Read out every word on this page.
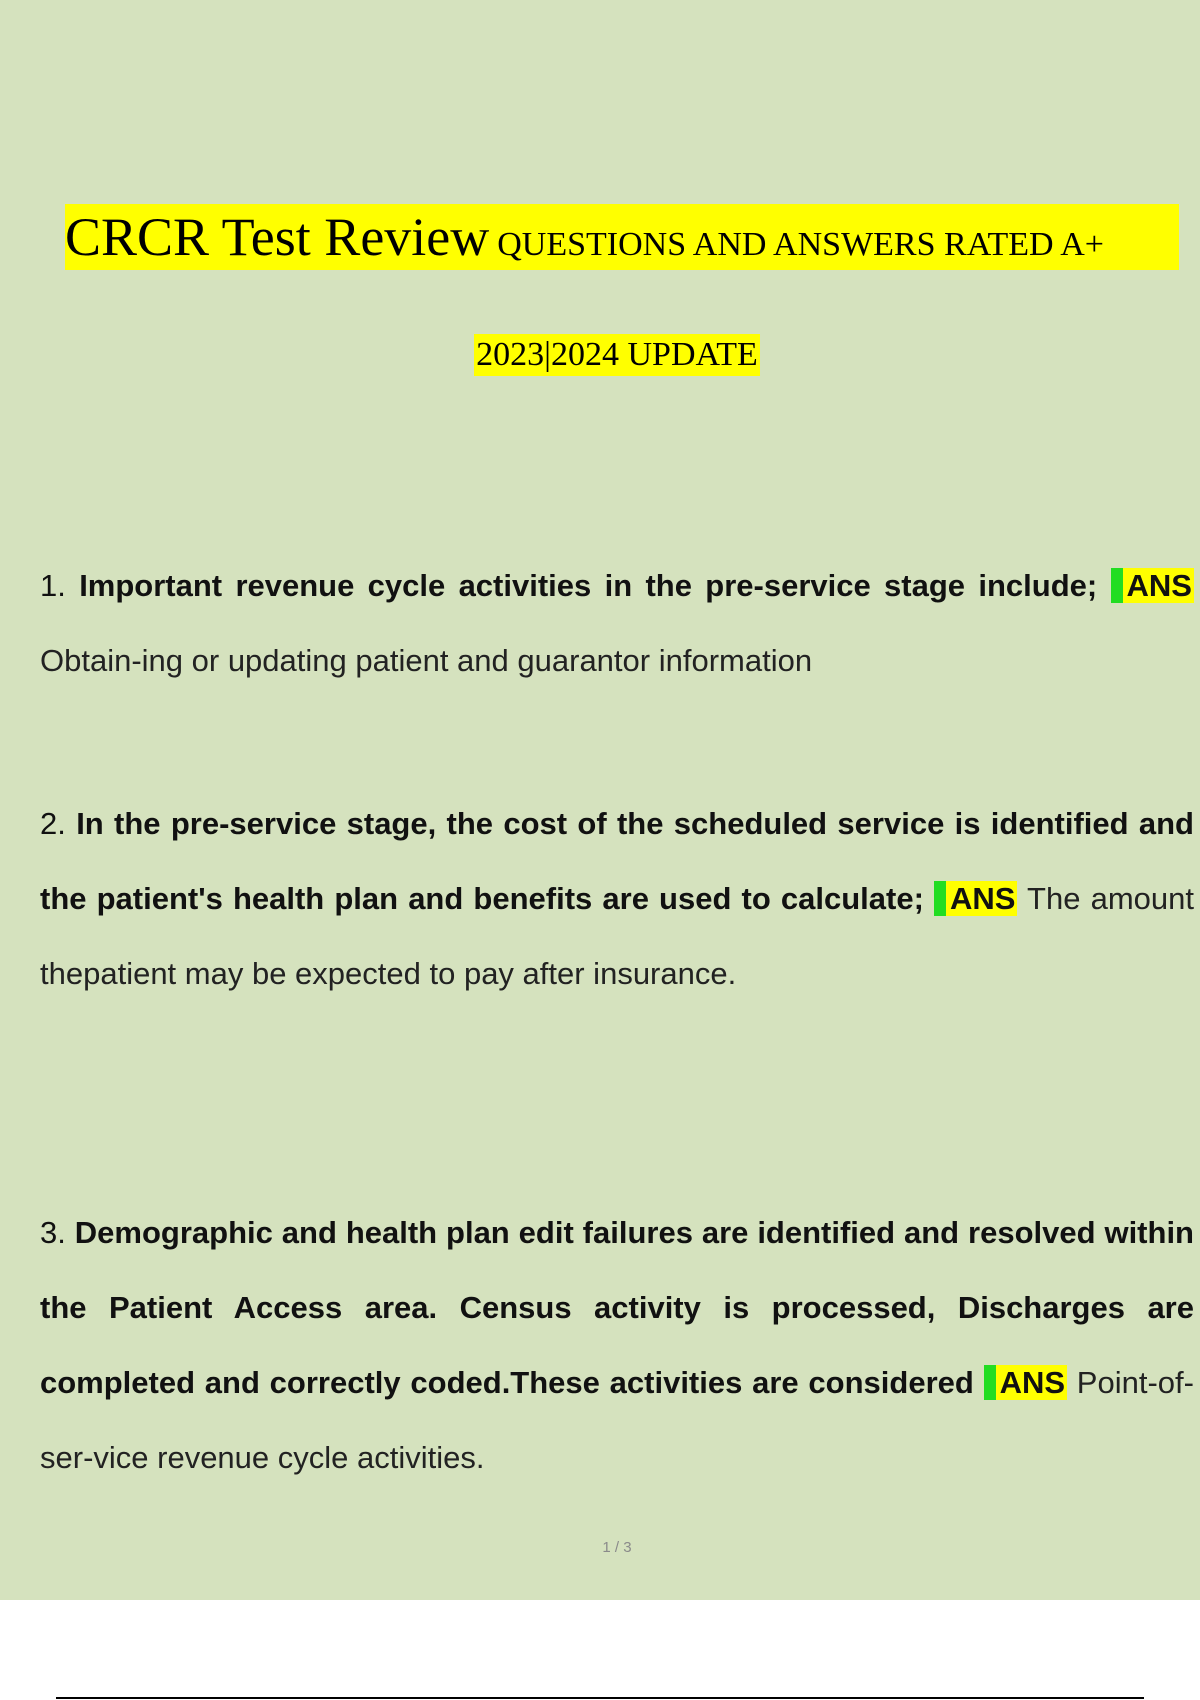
CRCR Test Review QUESTIONS AND ANSWERS RATED A+
2023|2024 UPDATE
1. Important revenue cycle activities in the pre-service stage include; ANS Obtain-ing or updating patient and guarantor information
2. In the pre-service stage, the cost of the scheduled service is identified and the patient's health plan and benefits are used to calculate; ANS The amount thepatient may be expected to pay after insurance.
3. Demographic and health plan edit failures are identified and resolved within the Patient Access area. Census activity is processed, Discharges are completed and correctly coded.These activities are considered ANS Point-of-ser-vice revenue cycle activities.
1 / 3
